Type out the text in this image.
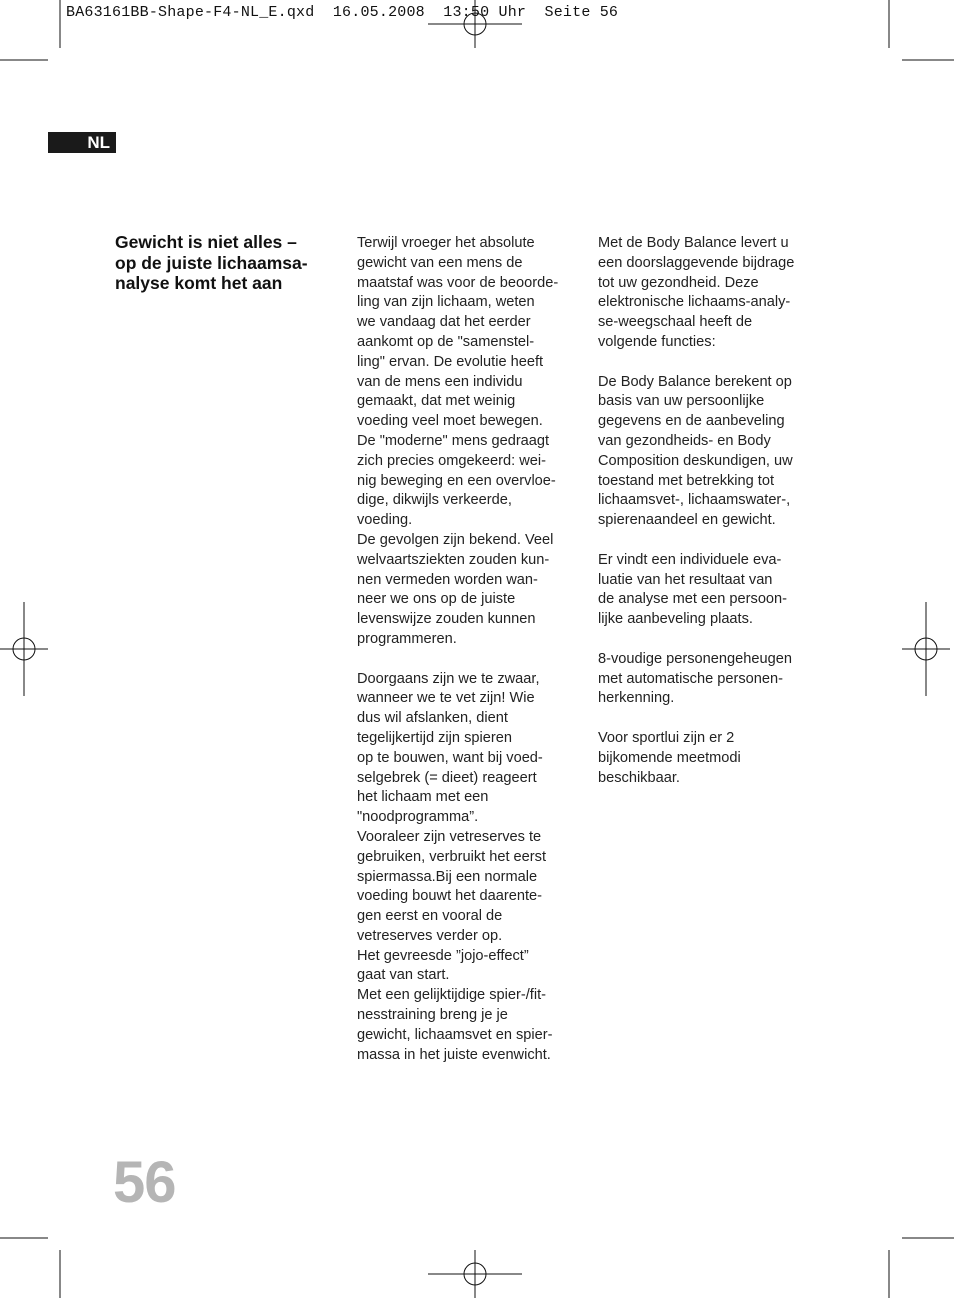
BA63161BB-Shape-F4-NL_E.qxd 16.05.2008 13:50 Uhr Seite 56
NL
Gewicht is niet alles –
op de juiste lichaamsa-
nalyse komt het aan
Terwijl vroeger het absolute
gewicht van een mens de
maatstaf was voor de beoorde-
ling van zijn lichaam, weten
we vandaag dat het eerder
aankomt op de "samenstel-
ling" ervan. De evolutie heeft
van de mens een individu
gemaakt, dat met weinig
voeding veel moet bewegen.
De "moderne" mens gedraagt
zich precies omgekeerd: wei-
nig beweging en een overvloe-
dige, dikwijls verkeerde,
voeding.
De gevolgen zijn bekend. Veel
welvaartsziekten zouden kun-
nen vermeden worden wan-
neer we ons op de juiste
levenswijze zouden kunnen
programmeren.
Doorgaans zijn we te zwaar,
wanneer we te vet zijn! Wie
dus wil afslanken, dient
tegelijkertijd zijn spieren
op te bouwen, want bij voed-
selgebrek (= dieet) reageert
het lichaam met een
"noodprogramma”.
Vooraleer zijn vetreserves te
gebruiken, verbruikt het eerst
spiermassa.Bij een normale
voeding bouwt het daarente-
gen eerst en vooral de
vetreserves verder op.
Het gevreesde ”jojo-effect”
gaat van start.
Met een gelijktijdige spier-/fit-
nesstraining breng je je
gewicht, lichaamsvet en spier-
massa in het juiste evenwicht.
Met de Body Balance levert u
een doorslaggevende bijdrage
tot uw gezondheid. Deze
elektronische lichaams-analy-
se-weegschaal heeft de
volgende functies:
De Body Balance berekent op
basis van uw persoonlijke
gegevens en de aanbeveling
van gezondheids- en Body
Composition deskundigen, uw
toestand met betrekking tot
lichaamsvet-, lichaamswater-,
spierenaandeel en gewicht.
Er vindt een individuele eva-
luatie van het resultaat van
de analyse met een persoon-
lijke aanbeveling plaats.
8-voudige personengeheugen
met automatische personen-
herkenning.
Voor sportlui zijn er 2
bijkomende meetmodi
beschikbaar.
56
